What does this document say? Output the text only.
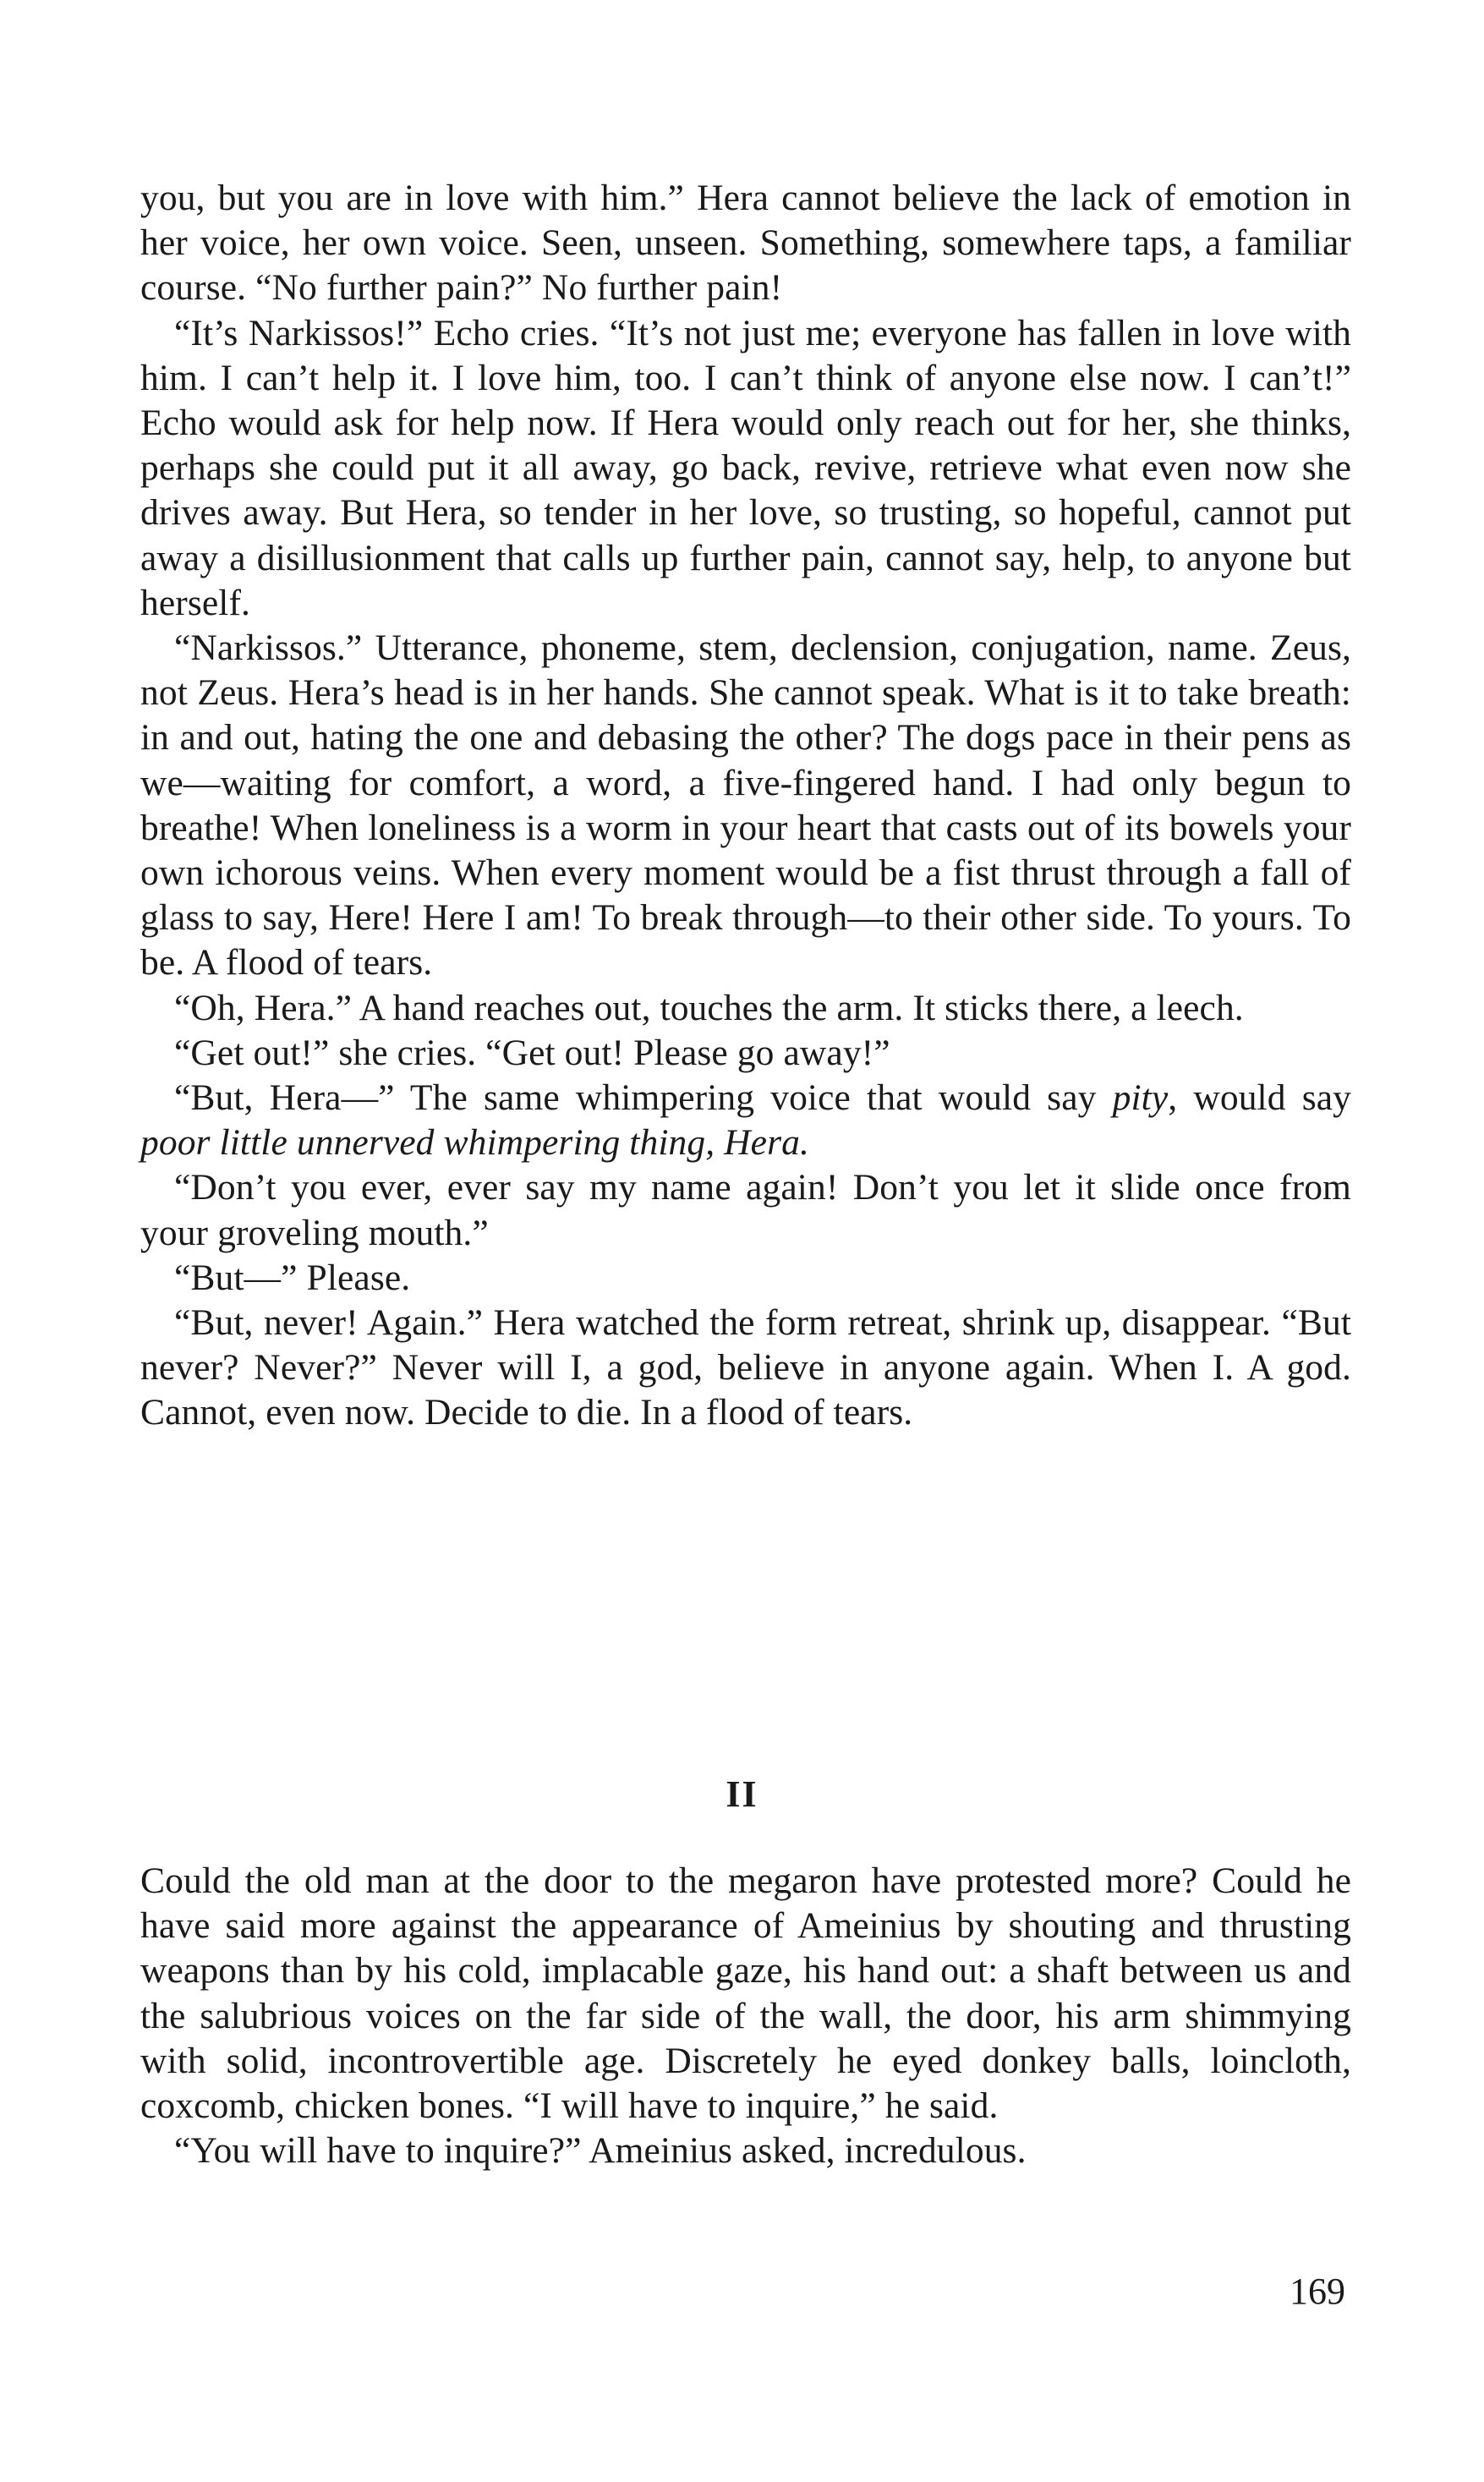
you, but you are in love with him.” Hera cannot believe the lack of emotion in her voice, her own voice. Seen, unseen. Something, somewhere taps, a familiar course. “No further pain?” No further pain!

“It’s Narkissos!” Echo cries. “It’s not just me; everyone has fallen in love with him. I can’t help it. I love him, too. I can’t think of anyone else now. I can’t!” Echo would ask for help now. If Hera would only reach out for her, she thinks, perhaps she could put it all away, go back, revive, retrieve what even now she drives away. But Hera, so tender in her love, so trusting, so hopeful, cannot put away a disillusionment that calls up further pain, cannot say, help, to anyone but herself.

“Narkissos.” Utterance, phoneme, stem, declension, conjugation, name. Zeus, not Zeus. Hera’s head is in her hands. She cannot speak. What is it to take breath: in and out, hating the one and debasing the other? The dogs pace in their pens as we—waiting for comfort, a word, a five-fingered hand. I had only begun to breathe! When loneliness is a worm in your heart that casts out of its bowels your own ichorous veins. When every moment would be a fist thrust through a fall of glass to say, Here! Here I am! To break through—to their other side. To yours. To be. A flood of tears.

“Oh, Hera.” A hand reaches out, touches the arm. It sticks there, a leech.

“Get out!” she cries. “Get out! Please go away!”

“But, Hera—” The same whimpering voice that would say pity, would say poor little unnerved whimpering thing, Hera.

“Don’t you ever, ever say my name again! Don’t you let it slide once from your groveling mouth.”

“But—” Please.

“But, never! Again.” Hera watched the form retreat, shrink up, disappear. “But never? Never?” Never will I, a god, believe in anyone again. When I. A god. Cannot, even now. Decide to die. In a flood of tears.

II

Could the old man at the door to the megaron have protested more? Could he have said more against the appearance of Ameinius by shouting and thrusting weapons than by his cold, implacable gaze, his hand out: a shaft between us and the salubrious voices on the far side of the wall, the door, his arm shimmying with solid, incontrovertible age. Discretely he eyed donkey balls, loincloth, coxcomb, chicken bones. “I will have to inquire,” he said.

“You will have to inquire?” Ameinius asked, incredulous.

169
